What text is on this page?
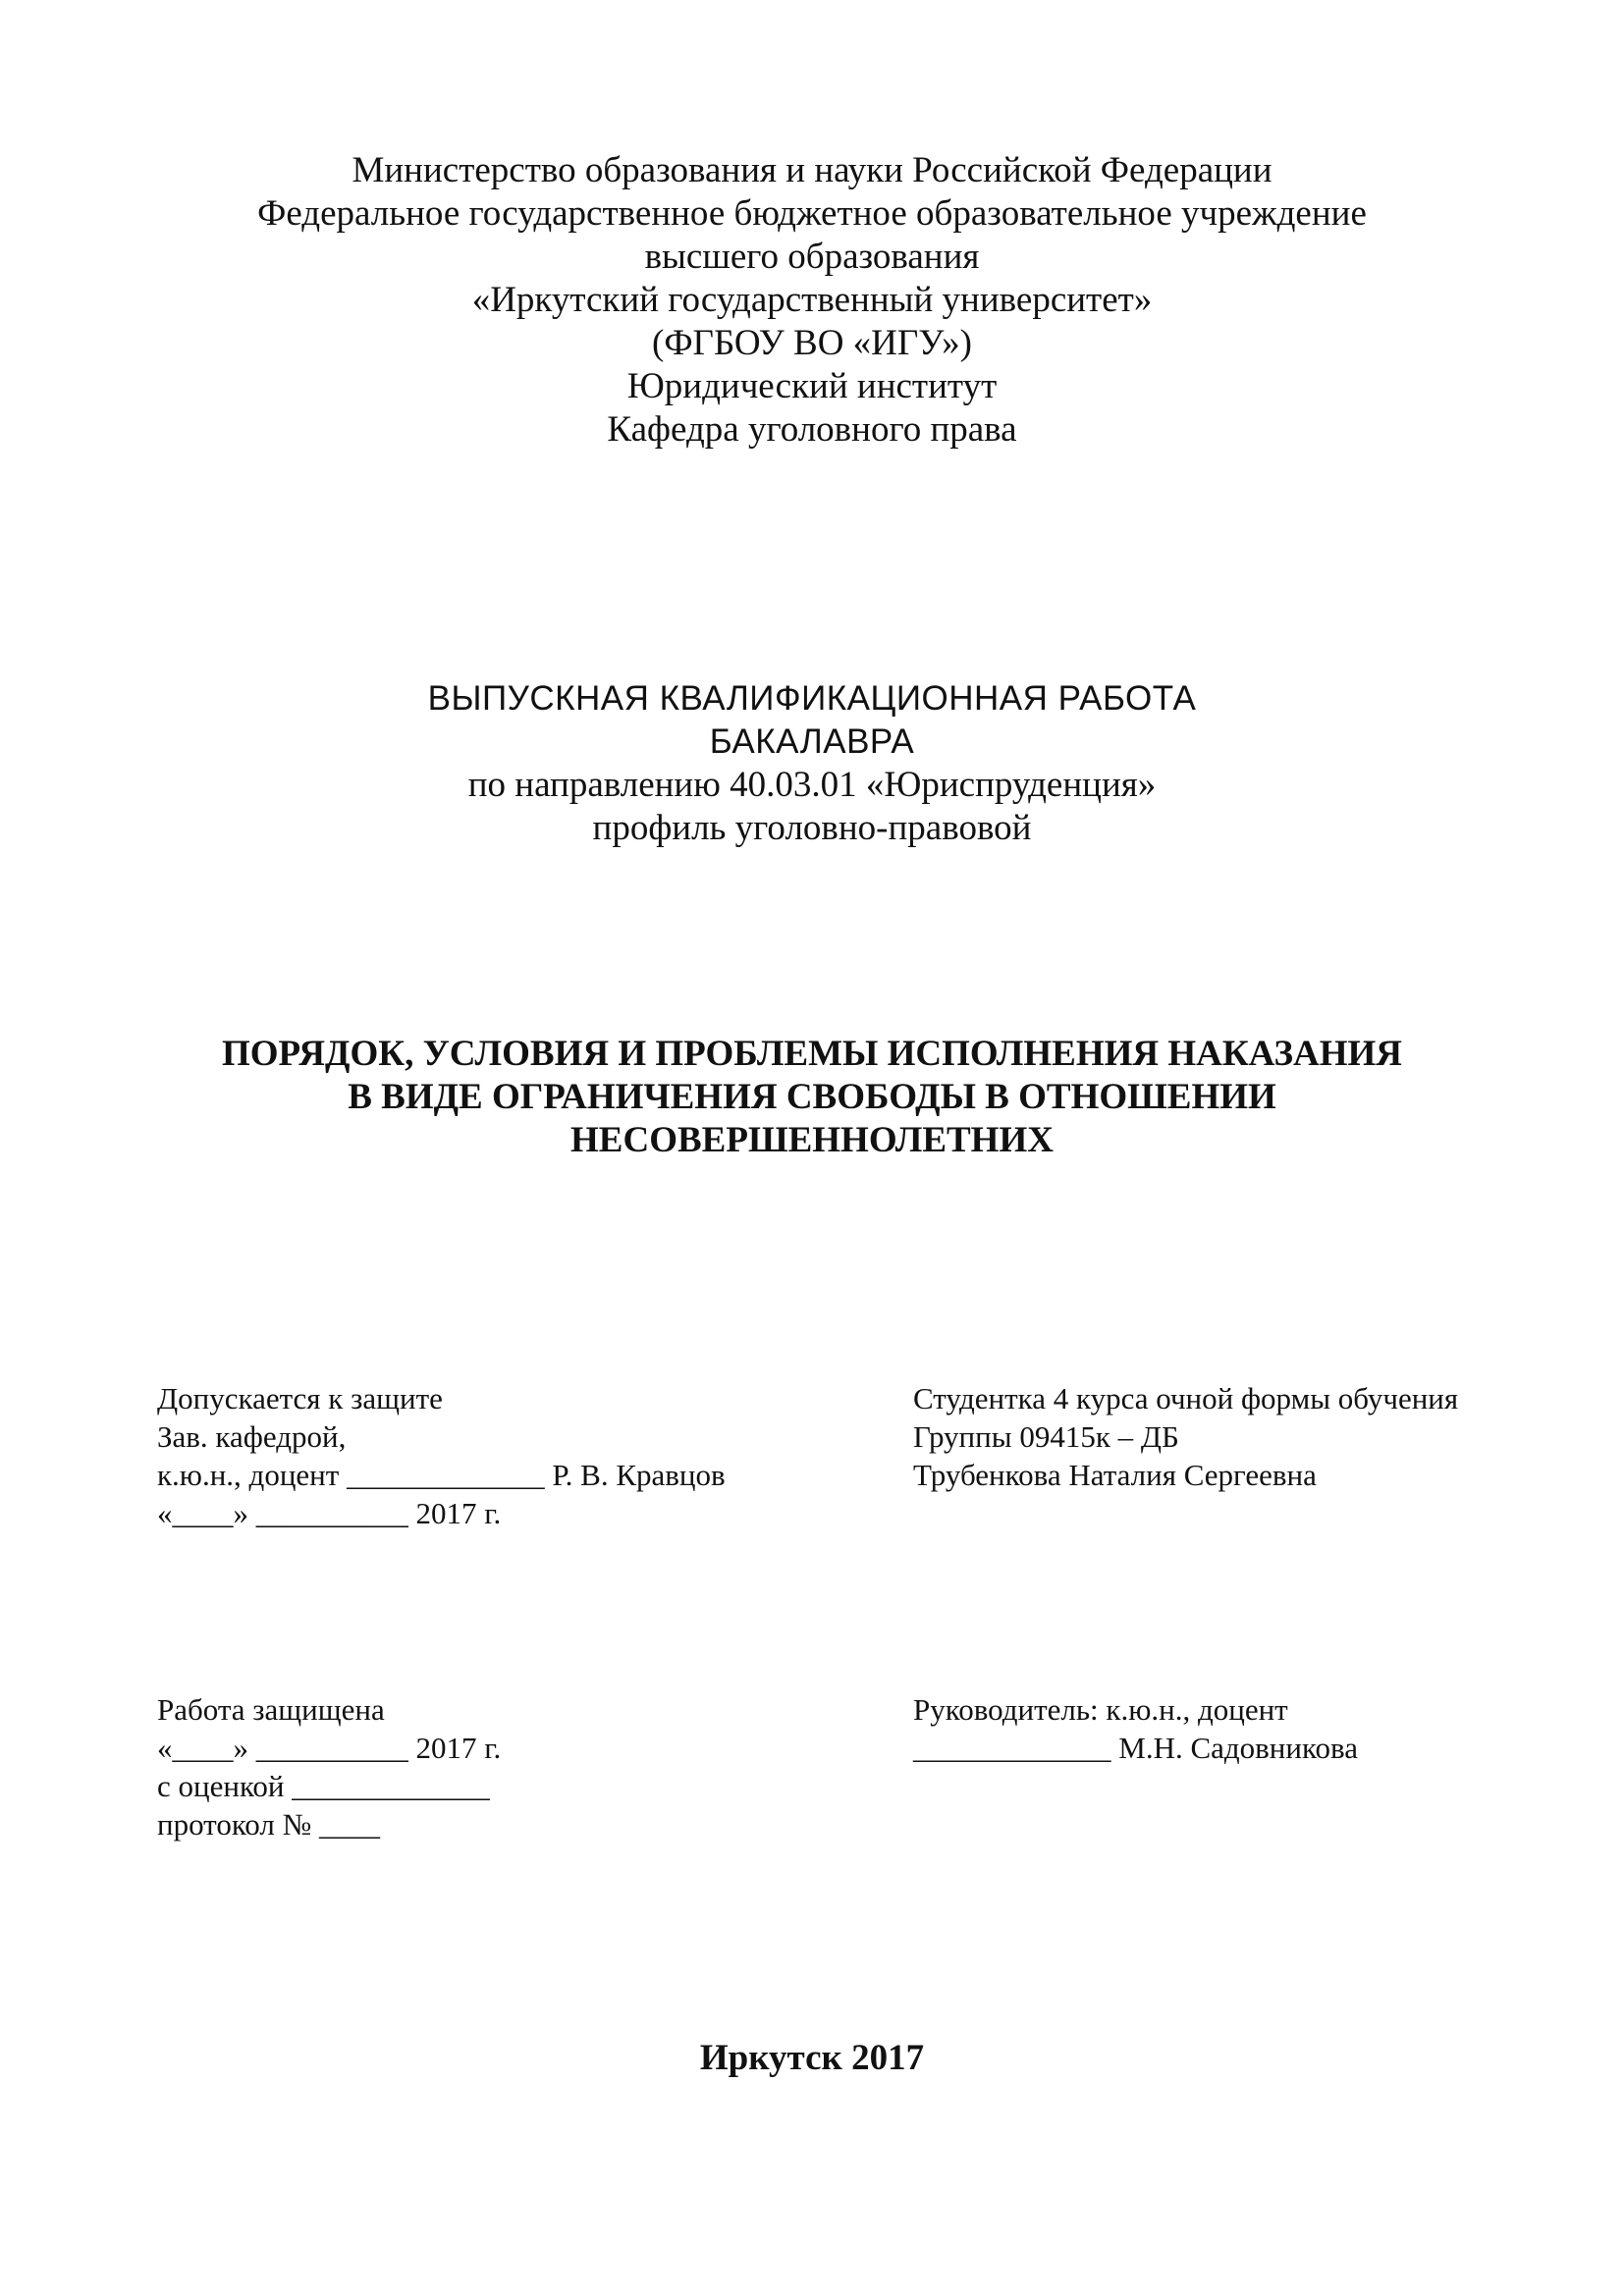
Министерство образования и науки Российской Федерации
Федеральное государственное бюджетное образовательное учреждение
высшего образования
«Иркутский государственный университет»
(ФГБОУ ВО «ИГУ»)
Юридический институт
Кафедра уголовного права
ВЫПУСКНАЯ КВАЛИФИКАЦИОННАЯ РАБОТА
БАКАЛАВРА
по направлению 40.03.01 «Юриспруденция»
профиль уголовно-правовой
ПОРЯДОК, УСЛОВИЯ И ПРОБЛЕМЫ ИСПОЛНЕНИЯ НАКАЗАНИЯ
В ВИДЕ ОГРАНИЧЕНИЯ СВОБОДЫ В ОТНОШЕНИИ
НЕСОВЕРШЕННОЛЕТНИХ
Допускается к защите
Зав. кафедрой,
к.ю.н., доцент _____________ Р. В. Кравцов
«____» __________ 2017 г.
Студентка 4 курса очной формы обучения
Группы 09415к – ДБ
Трубенкова Наталия Сергеевна
Работа защищена
«____» __________ 2017 г.
с оценкой _____________
протокол № ____
Руководитель: к.ю.н., доцент
_____________ М.Н. Садовникова
Иркутск 2017
